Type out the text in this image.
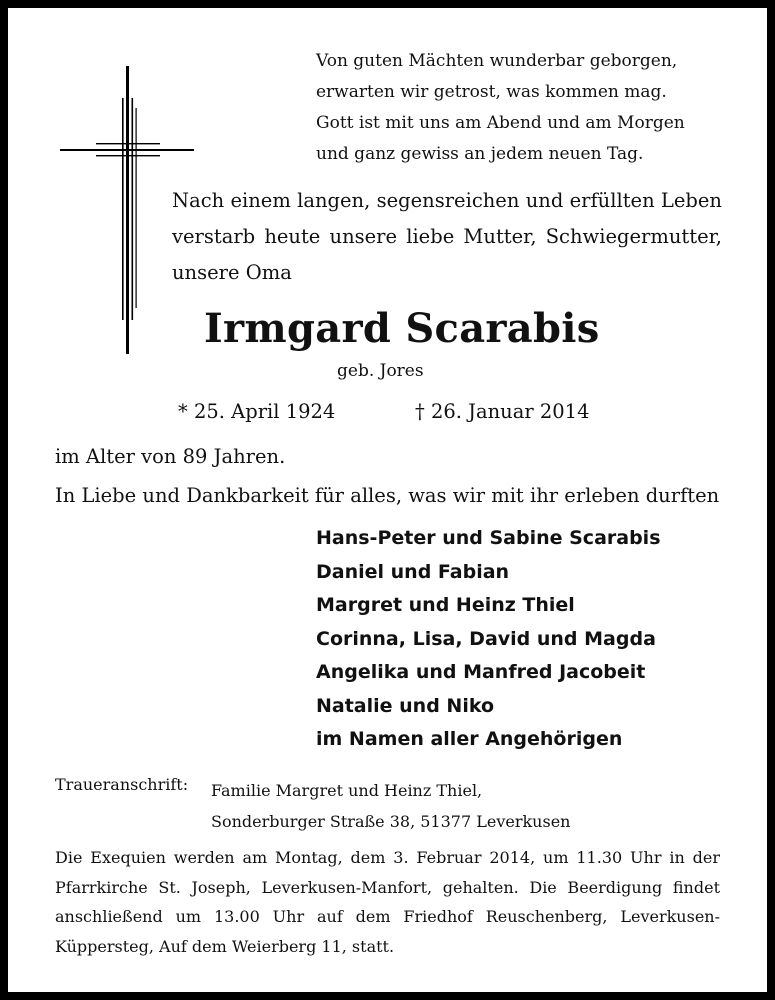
Von guten Mächten wunderbar geborgen,
erwarten wir getrost, was kommen mag.
Gott ist mit uns am Abend und am Morgen
und ganz gewiss an jedem neuen Tag.
Nach einem langen, segensreichen und erfüllten Leben verstarb heute unsere liebe Mutter, Schwiegermutter, unsere Oma
Irmgard Scarabis
geb. Jores
* 25. April 1924	† 26. Januar 2014
im Alter von 89 Jahren.
In Liebe und Dankbarkeit für alles, was wir mit ihr erleben durften
Hans-Peter und Sabine Scarabis
Daniel und Fabian
Margret und Heinz Thiel
Corinna, Lisa, David und Magda
Angelika und Manfred Jacobeit
Natalie und Niko
im Namen aller Angehörigen
Traueranschrift: Familie Margret und Heinz Thiel,
Sonderburger Straße 38, 51377 Leverkusen
Die Exequien werden am Montag, dem 3. Februar 2014, um 11.30 Uhr in der Pfarrkirche St. Joseph, Leverkusen-Manfort, gehalten. Die Beerdigung findet anschließend um 13.00 Uhr auf dem Friedhof Reuschenberg, Leverkusen-Küppersteg, Auf dem Weierberg 11, statt.
